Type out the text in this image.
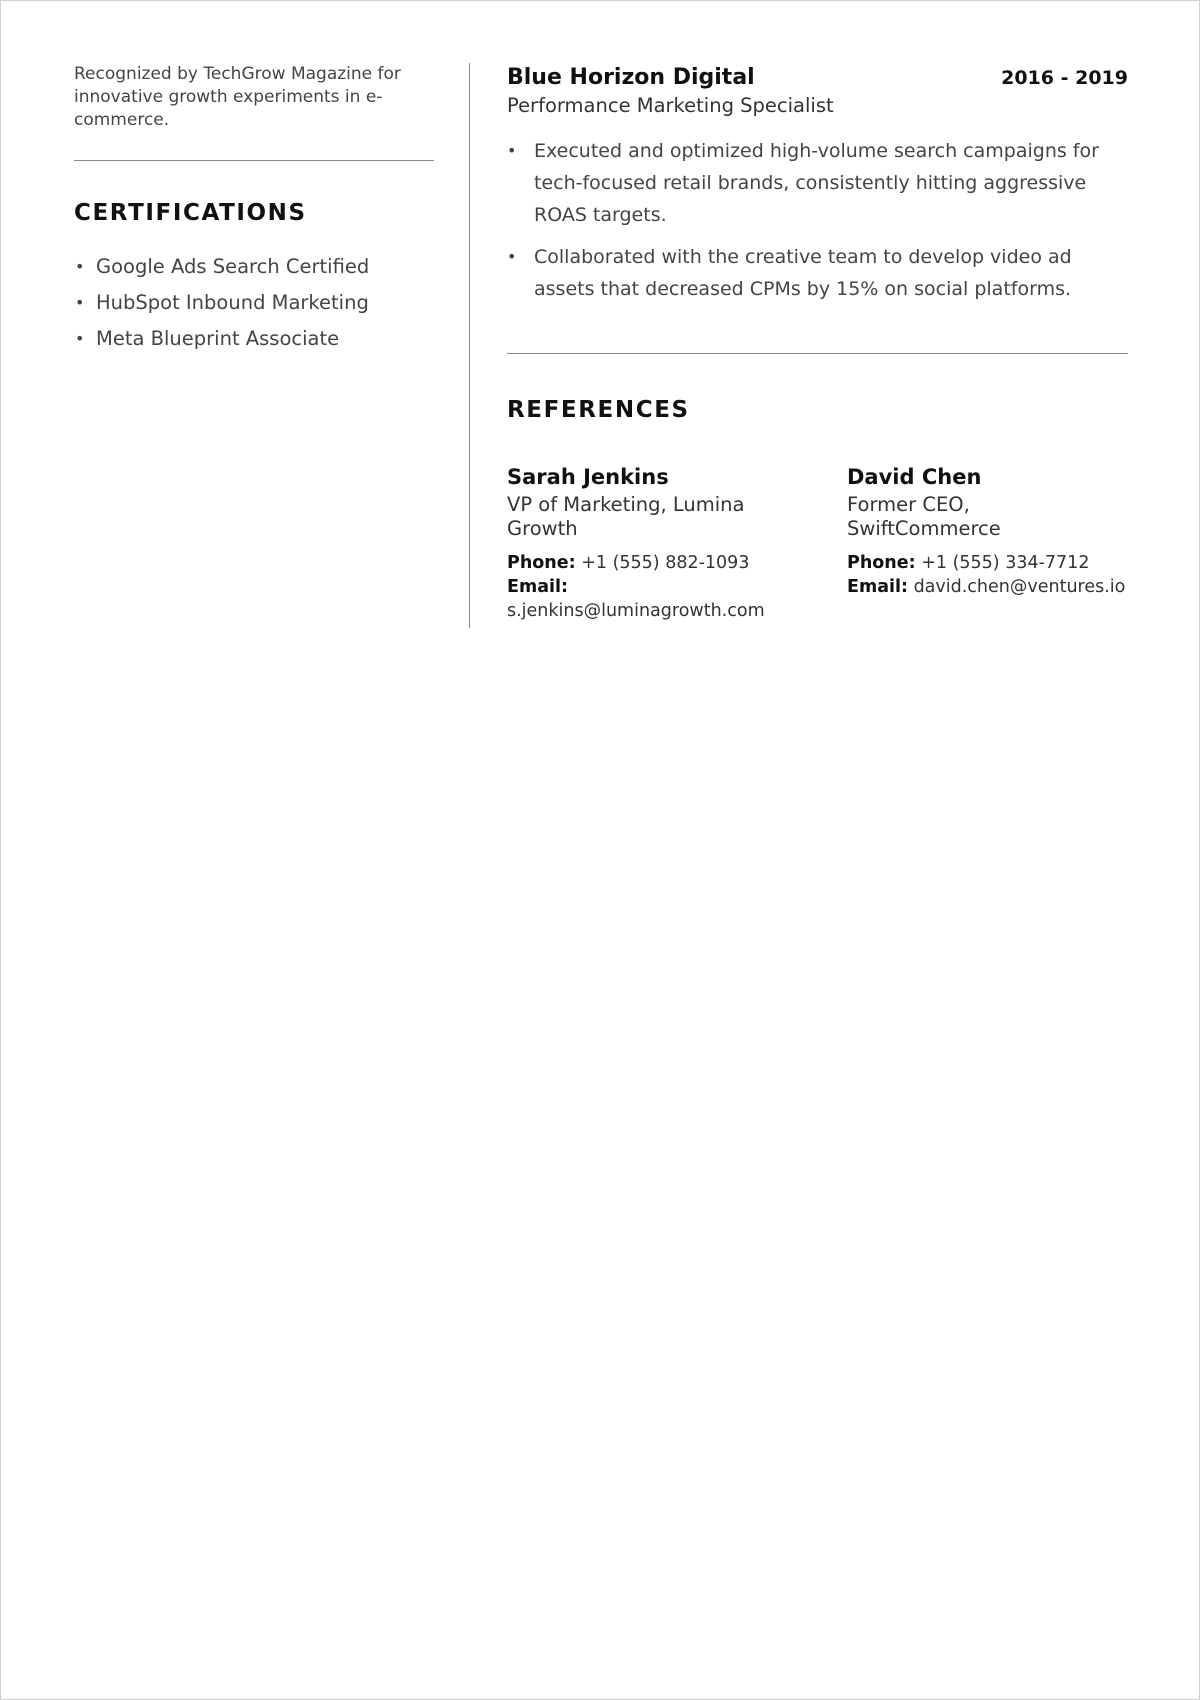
Recognized by TechGrow Magazine for innovative growth experiments in e-commerce.

CERTIFICATIONS
• Google Ads Search Certified
• HubSpot Inbound Marketing
• Meta Blueprint Associate
Blue Horizon Digital	2016 - 2019
Performance Marketing Specialist
• Executed and optimized high-volume search campaigns for tech-focused retail brands, consistently hitting aggressive ROAS targets.
• Collaborated with the creative team to develop video ad assets that decreased CPMs by 15% on social platforms.
REFERENCES
Sarah Jenkins
VP of Marketing, Lumina Growth
Phone: +1 (555) 882-1093
Email:
s.jenkins@luminagrowth.com
David Chen
Former CEO, SwiftCommerce
Phone: +1 (555) 334-7712
Email: david.chen@ventures.io
